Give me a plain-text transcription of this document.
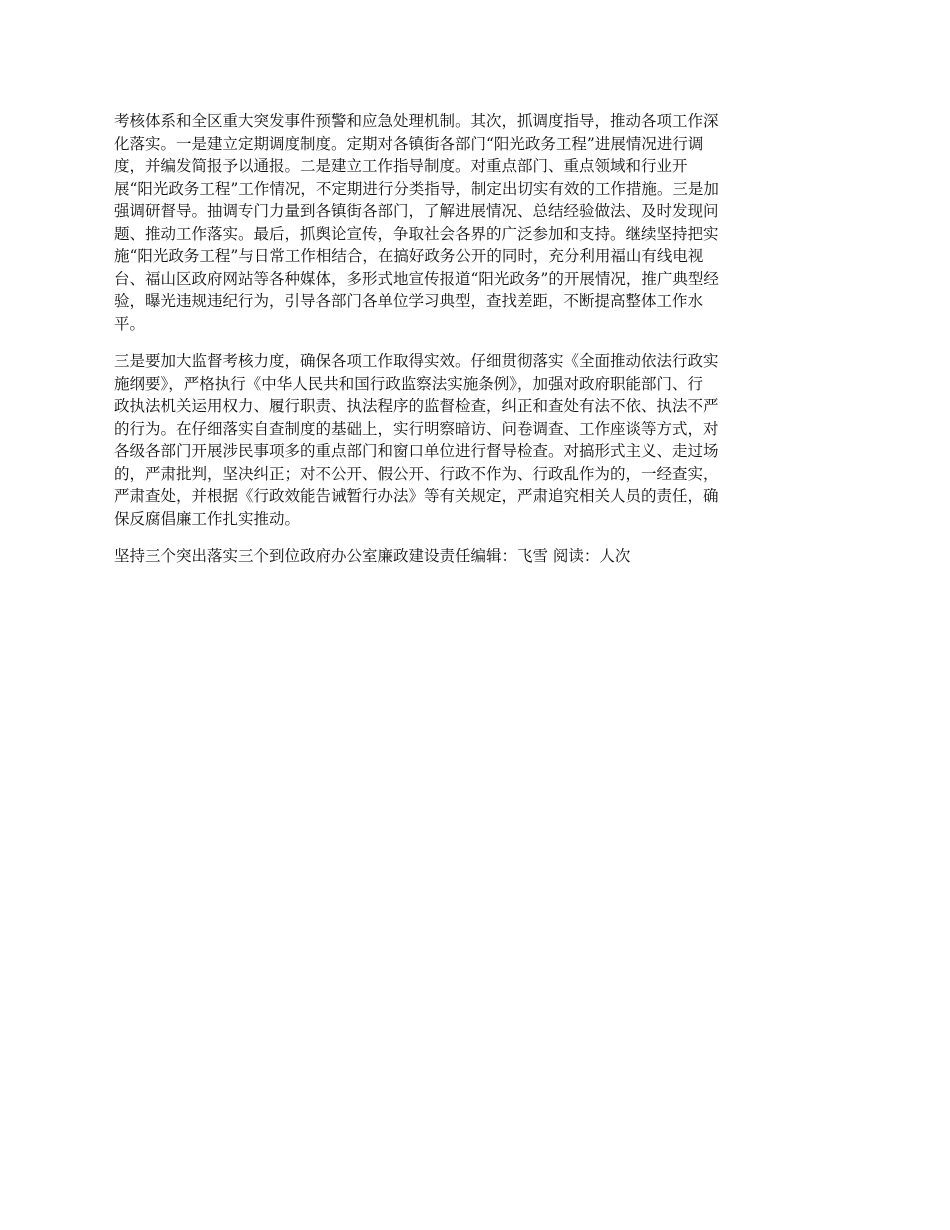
考核体系和全区重大突发事件预警和应急处理机制。其次，抓调度指导，推动各项工作深
化落实。一是建立定期调度制度。定期对各镇街各部门“阳光政务工程”进展情况进行调
度，并编发简报予以通报。二是建立工作指导制度。对重点部门、重点领域和行业开
展“阳光政务工程”工作情况，不定期进行分类指导，制定出切实有效的工作措施。三是加
强调研督导。抽调专门力量到各镇街各部门，了解进展情况、总结经验做法、及时发现问
题、推动工作落实。最后，抓舆论宣传，争取社会各界的广泛参加和支持。继续坚持把实
施“阳光政务工程”与日常工作相结合，在搞好政务公开的同时，充分利用福山有线电视
台、福山区政府网站等各种媒体，多形式地宣传报道“阳光政务”的开展情况，推广典型经
验，曝光违规违纪行为，引导各部门各单位学习典型，查找差距，不断提高整体工作水
平。

三是要加大监督考核力度，确保各项工作取得实效。仔细贯彻落实《全面推动依法行政实
施纲要》，严格执行《中华人民共和国行政监察法实施条例》，加强对政府职能部门、行
政执法机关运用权力、履行职责、执法程序的监督检查，纠正和查处有法不依、执法不严
的行为。在仔细落实自查制度的基础上，实行明察暗访、问卷调查、工作座谈等方式，对
各级各部门开展涉民事项多的重点部门和窗口单位进行督导检查。对搞形式主义、走过场
的，严肃批判，坚决纠正；对不公开、假公开、行政不作为、行政乱作为的，一经查实，
严肃查处，并根据《行政效能告诫暂行办法》等有关规定，严肃追究相关人员的责任，确
保反腐倡廉工作扎实推动。

坚持三个突出落实三个到位政府办公室廉政建设责任编辑：飞雪 阅读：人次
